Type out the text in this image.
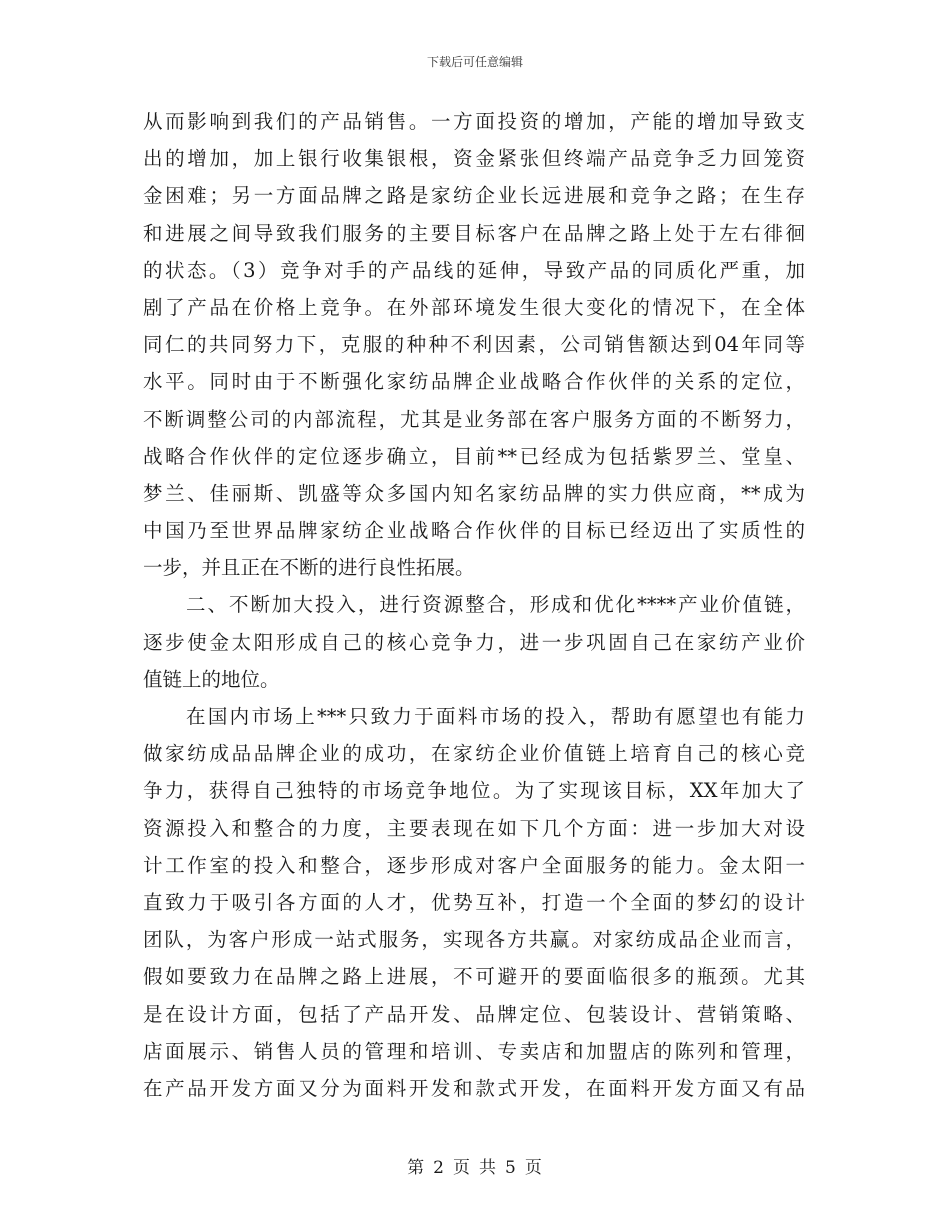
下载后可任意编辑
从而影响到我们的产品销售。一方面投资的增加，产能的增加导致支
出的增加，加上银行收集银根，资金紧张但终端产品竞争乏力回笼资
金困难；另一方面品牌之路是家纺企业长远进展和竞争之路；在生存
和进展之间导致我们服务的主要目标客户在品牌之路上处于左右徘徊
的状态。（3）竞争对手的产品线的延伸，导致产品的同质化严重，加
剧了产品在价格上竞争。在外部环境发生很大变化的情况下，在全体
同仁的共同努力下，克服的种种不利因素，公司销售额达到04年同等
水平。同时由于不断强化家纺品牌企业战略合作伙伴的关系的定位，
不断调整公司的内部流程，尤其是业务部在客户服务方面的不断努力，
战略合作伙伴的定位逐步确立，目前**已经成为包括紫罗兰、堂皇、
梦兰、佳丽斯、凯盛等众多国内知名家纺品牌的实力供应商，**成为
中国乃至世界品牌家纺企业战略合作伙伴的目标已经迈出了实质性的
一步，并且正在不断的进行良性拓展。
二、不断加大投入，进行资源整合，形成和优化****产业价值链，
逐步使金太阳形成自己的核心竞争力，进一步巩固自己在家纺产业价
值链上的地位。
在国内市场上***只致力于面料市场的投入，帮助有愿望也有能力
做家纺成品品牌企业的成功，在家纺企业价值链上培育自己的核心竞
争力，获得自己独特的市场竞争地位。为了实现该目标，XX年加大了
资源投入和整合的力度，主要表现在如下几个方面：进一步加大对设
计工作室的投入和整合，逐步形成对客户全面服务的能力。金太阳一
直致力于吸引各方面的人才，优势互补，打造一个全面的梦幻的设计
团队，为客户形成一站式服务，实现各方共赢。对家纺成品企业而言，
假如要致力在品牌之路上进展，不可避开的要面临很多的瓶颈。尤其
是在设计方面，包括了产品开发、品牌定位、包装设计、营销策略、
店面展示、销售人员的管理和培训、专卖店和加盟店的陈列和管理，
在产品开发方面又分为面料开发和款式开发，在面料开发方面又有品
第 2 页 共 5 页
